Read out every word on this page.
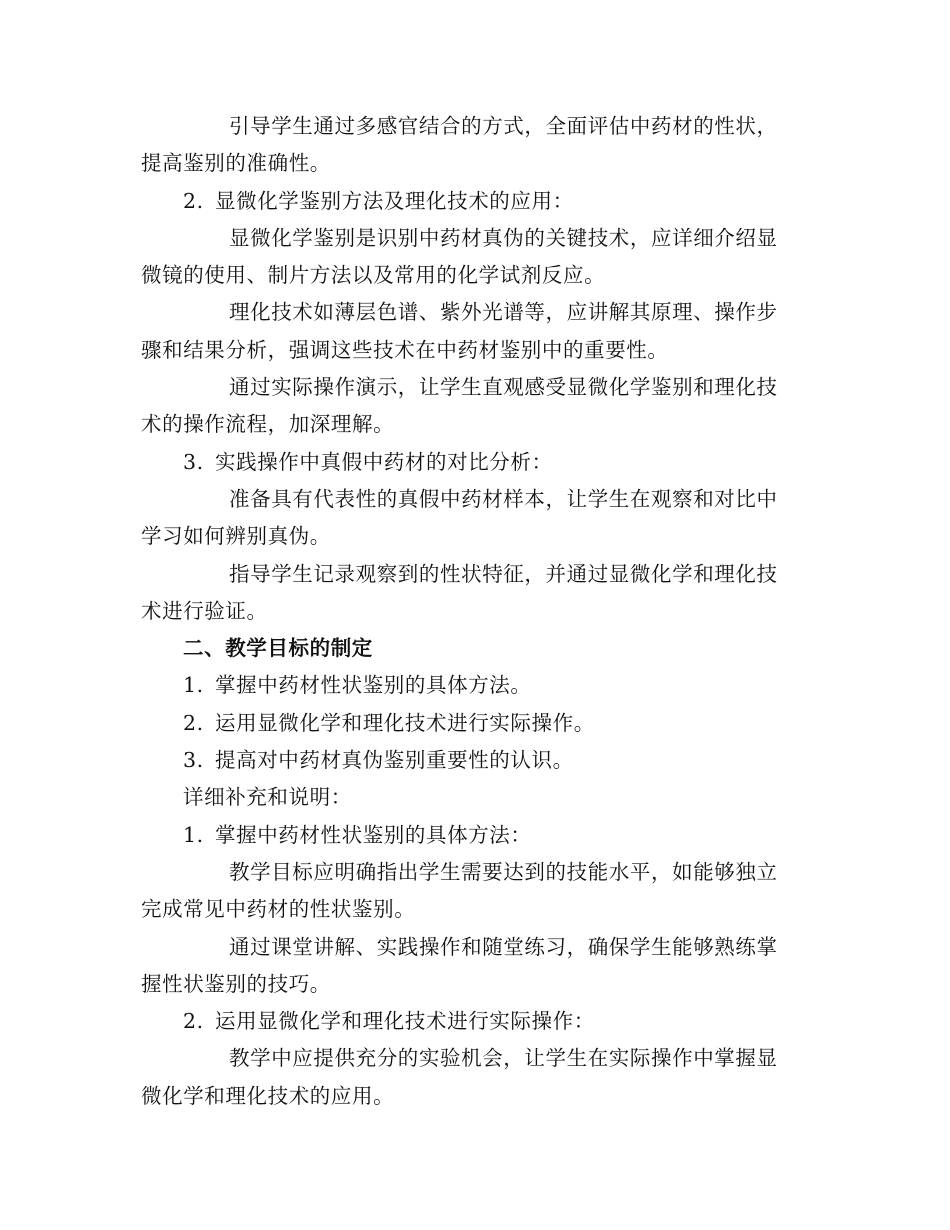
引导学生通过多感官结合的方式，全面评估中药材的性状，
提高鉴别的准确性。
2. 显微化学鉴别方法及理化技术的应用：
显微化学鉴别是识别中药材真伪的关键技术，应详细介绍显
微镜的使用、制片方法以及常用的化学试剂反应。
理化技术如薄层色谱、紫外光谱等，应讲解其原理、操作步
骤和结果分析，强调这些技术在中药材鉴别中的重要性。
通过实际操作演示，让学生直观感受显微化学鉴别和理化技
术的操作流程，加深理解。
3. 实践操作中真假中药材的对比分析：
准备具有代表性的真假中药材样本，让学生在观察和对比中
学习如何辨别真伪。
指导学生记录观察到的性状特征，并通过显微化学和理化技
术进行验证。
二、教学目标的制定
1. 掌握中药材性状鉴别的具体方法。
2. 运用显微化学和理化技术进行实际操作。
3. 提高对中药材真伪鉴别重要性的认识。
详细补充和说明：
1. 掌握中药材性状鉴别的具体方法：
教学目标应明确指出学生需要达到的技能水平，如能够独立
完成常见中药材的性状鉴别。
通过课堂讲解、实践操作和随堂练习，确保学生能够熟练掌
握性状鉴别的技巧。
2. 运用显微化学和理化技术进行实际操作：
教学中应提供充分的实验机会，让学生在实际操作中掌握显
微化学和理化技术的应用。
